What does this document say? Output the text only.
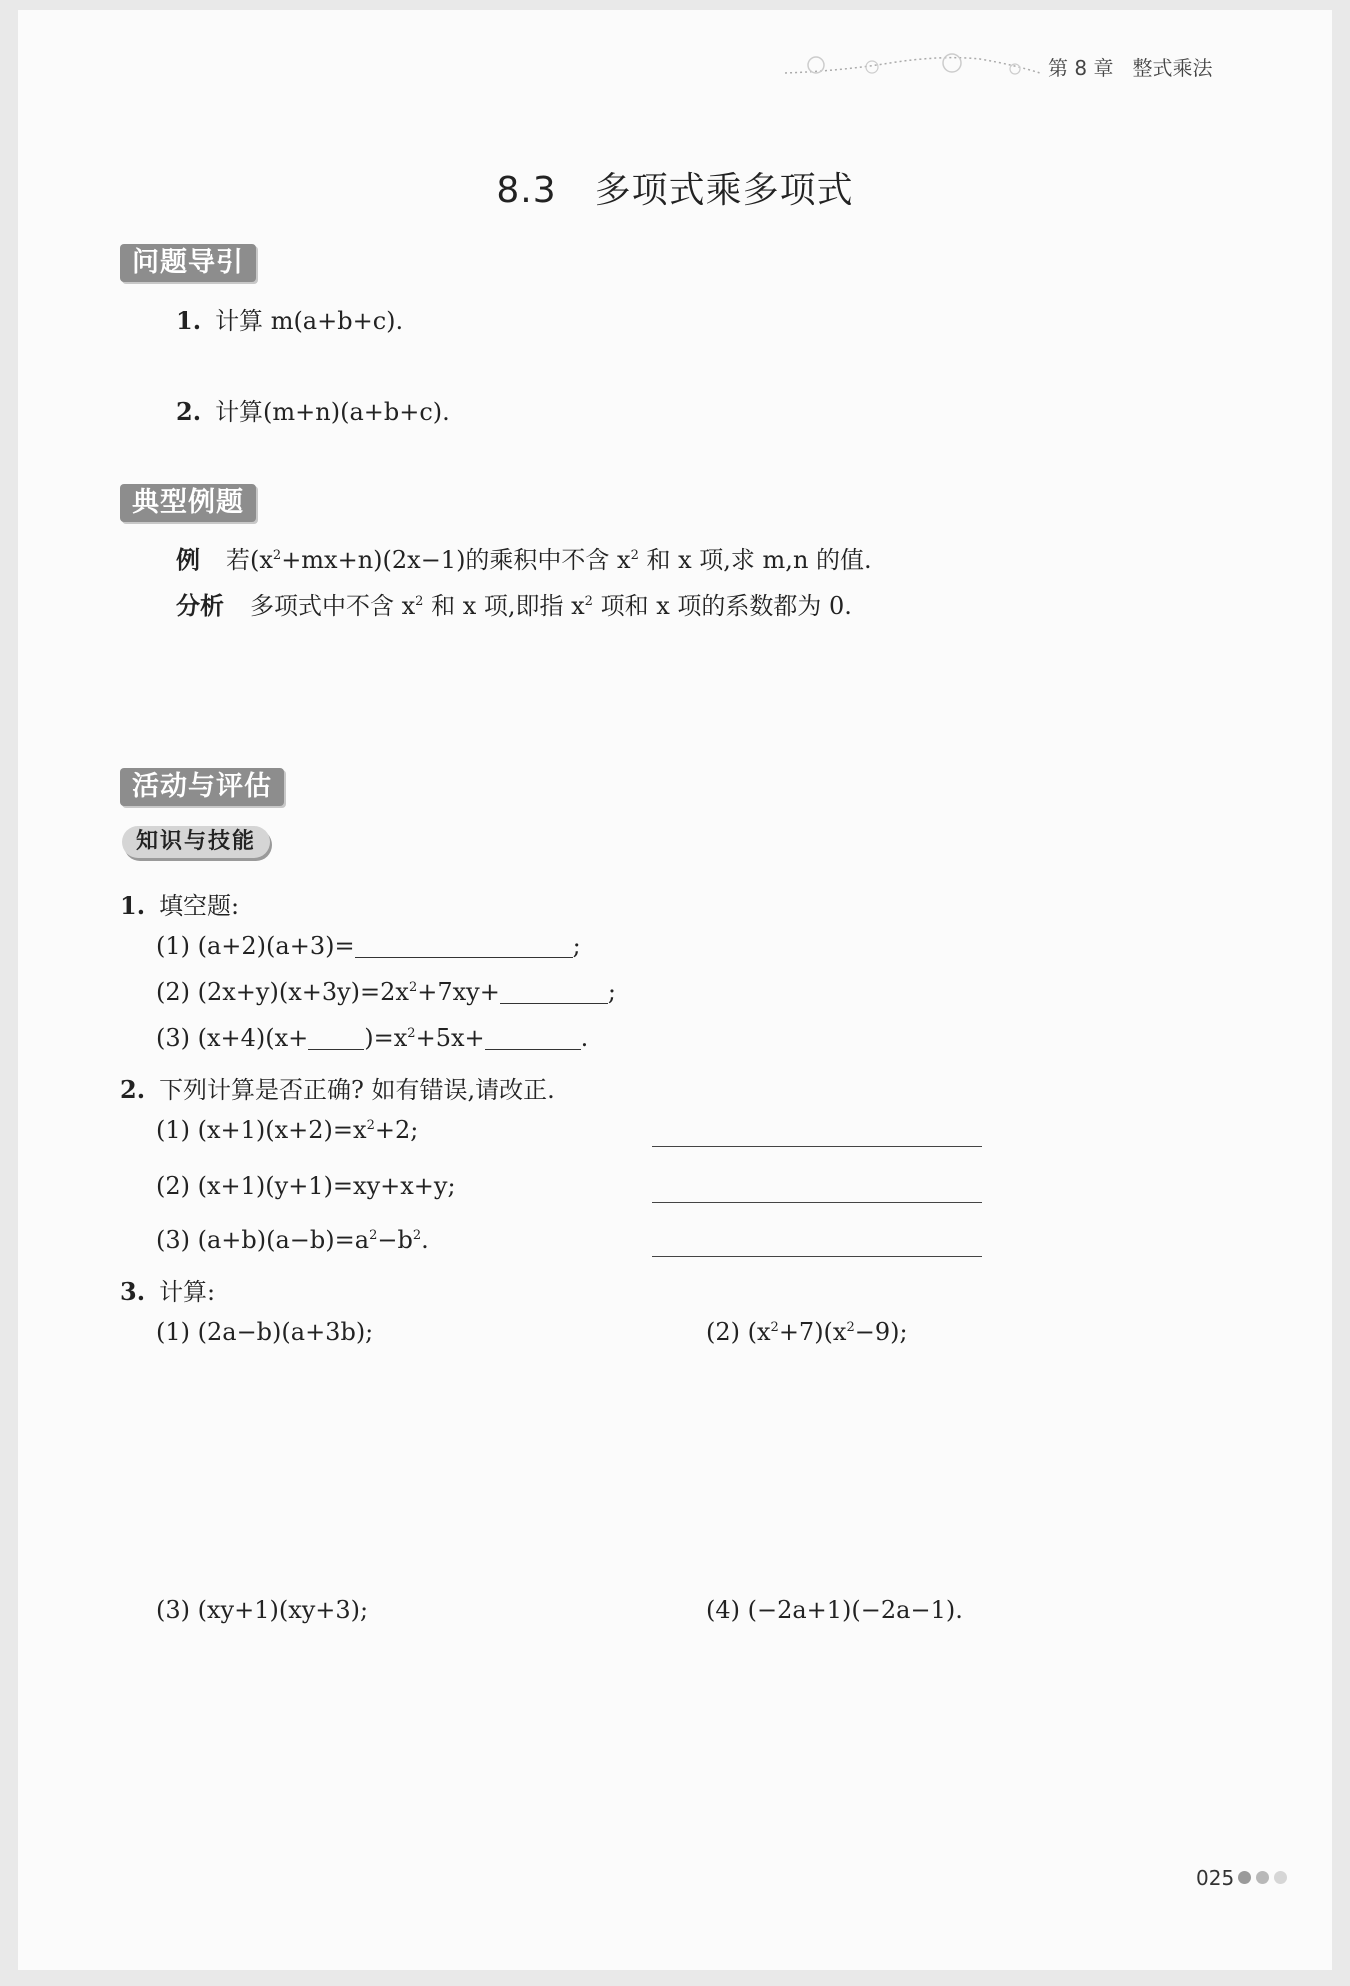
第 8 章 整式乘法
8.3 多项式乘多项式
问题导引
1. 计算 m(a+b+c).
2. 计算(m+n)(a+b+c).
典型例题
例 若$(x^2+mx+n)(2x-1)$的乘积中不含 $x^2$ 和 x 项,求 m,n 的值.
分析 多项式中不含 $x^2$ 和 x 项,即指 $x^2$ 项和 x 项的系数都为 0.
活动与评估
知识与技能
1. 填空题:
(1) (a+2)(a+3)=	;
(2) $(2x+y)(x+3y)=2x^2+7xy+$	;
(3) $(x+4)(x+ )=x^2+5x+$	.
2. 下列计算是否正确? 如有错误,请改正.
(1) $(x+1)(x+2)=x^2+2$;
(2) (x+1)(y+1)=xy+x+y;
(3) $(a+b)(a-b)=a^2-b^2$.
3. 计算:
(1) (2a−b)(a+3b);	(2) $(x^2+7)(x^2-9)$;
(3) (xy+1)(xy+3);	(4) (−2a+1)(−2a−1).
025
